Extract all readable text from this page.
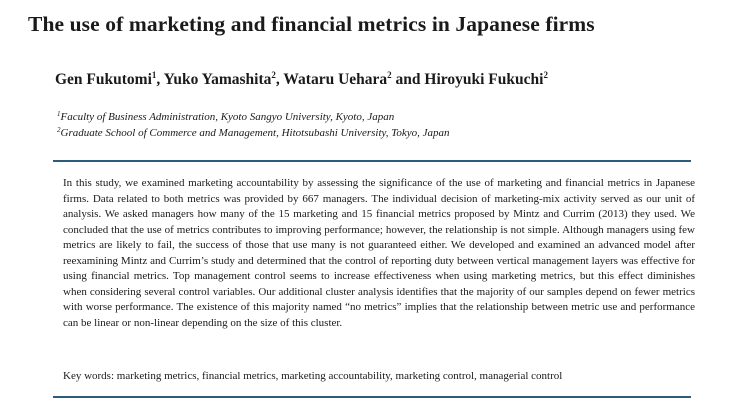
The use of marketing and financial metrics in Japanese firms

Gen Fukutomi$^1$, Yuko Yamashita$^2$, Wataru Uehara$^2$ and Hiroyuki Fukuchi$^2$

$^1$Faculty of Business Administration, Kyoto Sangyo University, Kyoto, Japan
$^2$Graduate School of Commerce and Management, Hitotsubashi University, Tokyo, Japan

In this study, we examined marketing accountability by assessing the significance of the use of marketing and financial metrics in Japanese firms. Data related to both metrics was provided by 667 managers. The individual decision of marketing-mix activity served as our unit of analysis. We asked managers how many of the 15 marketing and 15 financial metrics proposed by Mintz and Currim (2013) they used. We concluded that the use of metrics contributes to improving performance; however, the relationship is not simple. Although managers using few metrics are likely to fail, the success of those that use many is not guaranteed either. We developed and examined an advanced model after reexamining Mintz and Currim’s study and determined that the control of reporting duty between vertical management layers was effective for using financial metrics. Top management control seems to increase effectiveness when using marketing metrics, but this effect diminishes when considering several control variables. Our additional cluster analysis identifies that the majority of our samples depend on fewer metrics with worse performance. The existence of this majority named “no metrics” implies that the relationship between metric use and performance can be linear or non-linear depending on the size of this cluster.

Key words: marketing metrics, financial metrics, marketing accountability, marketing control, managerial control
